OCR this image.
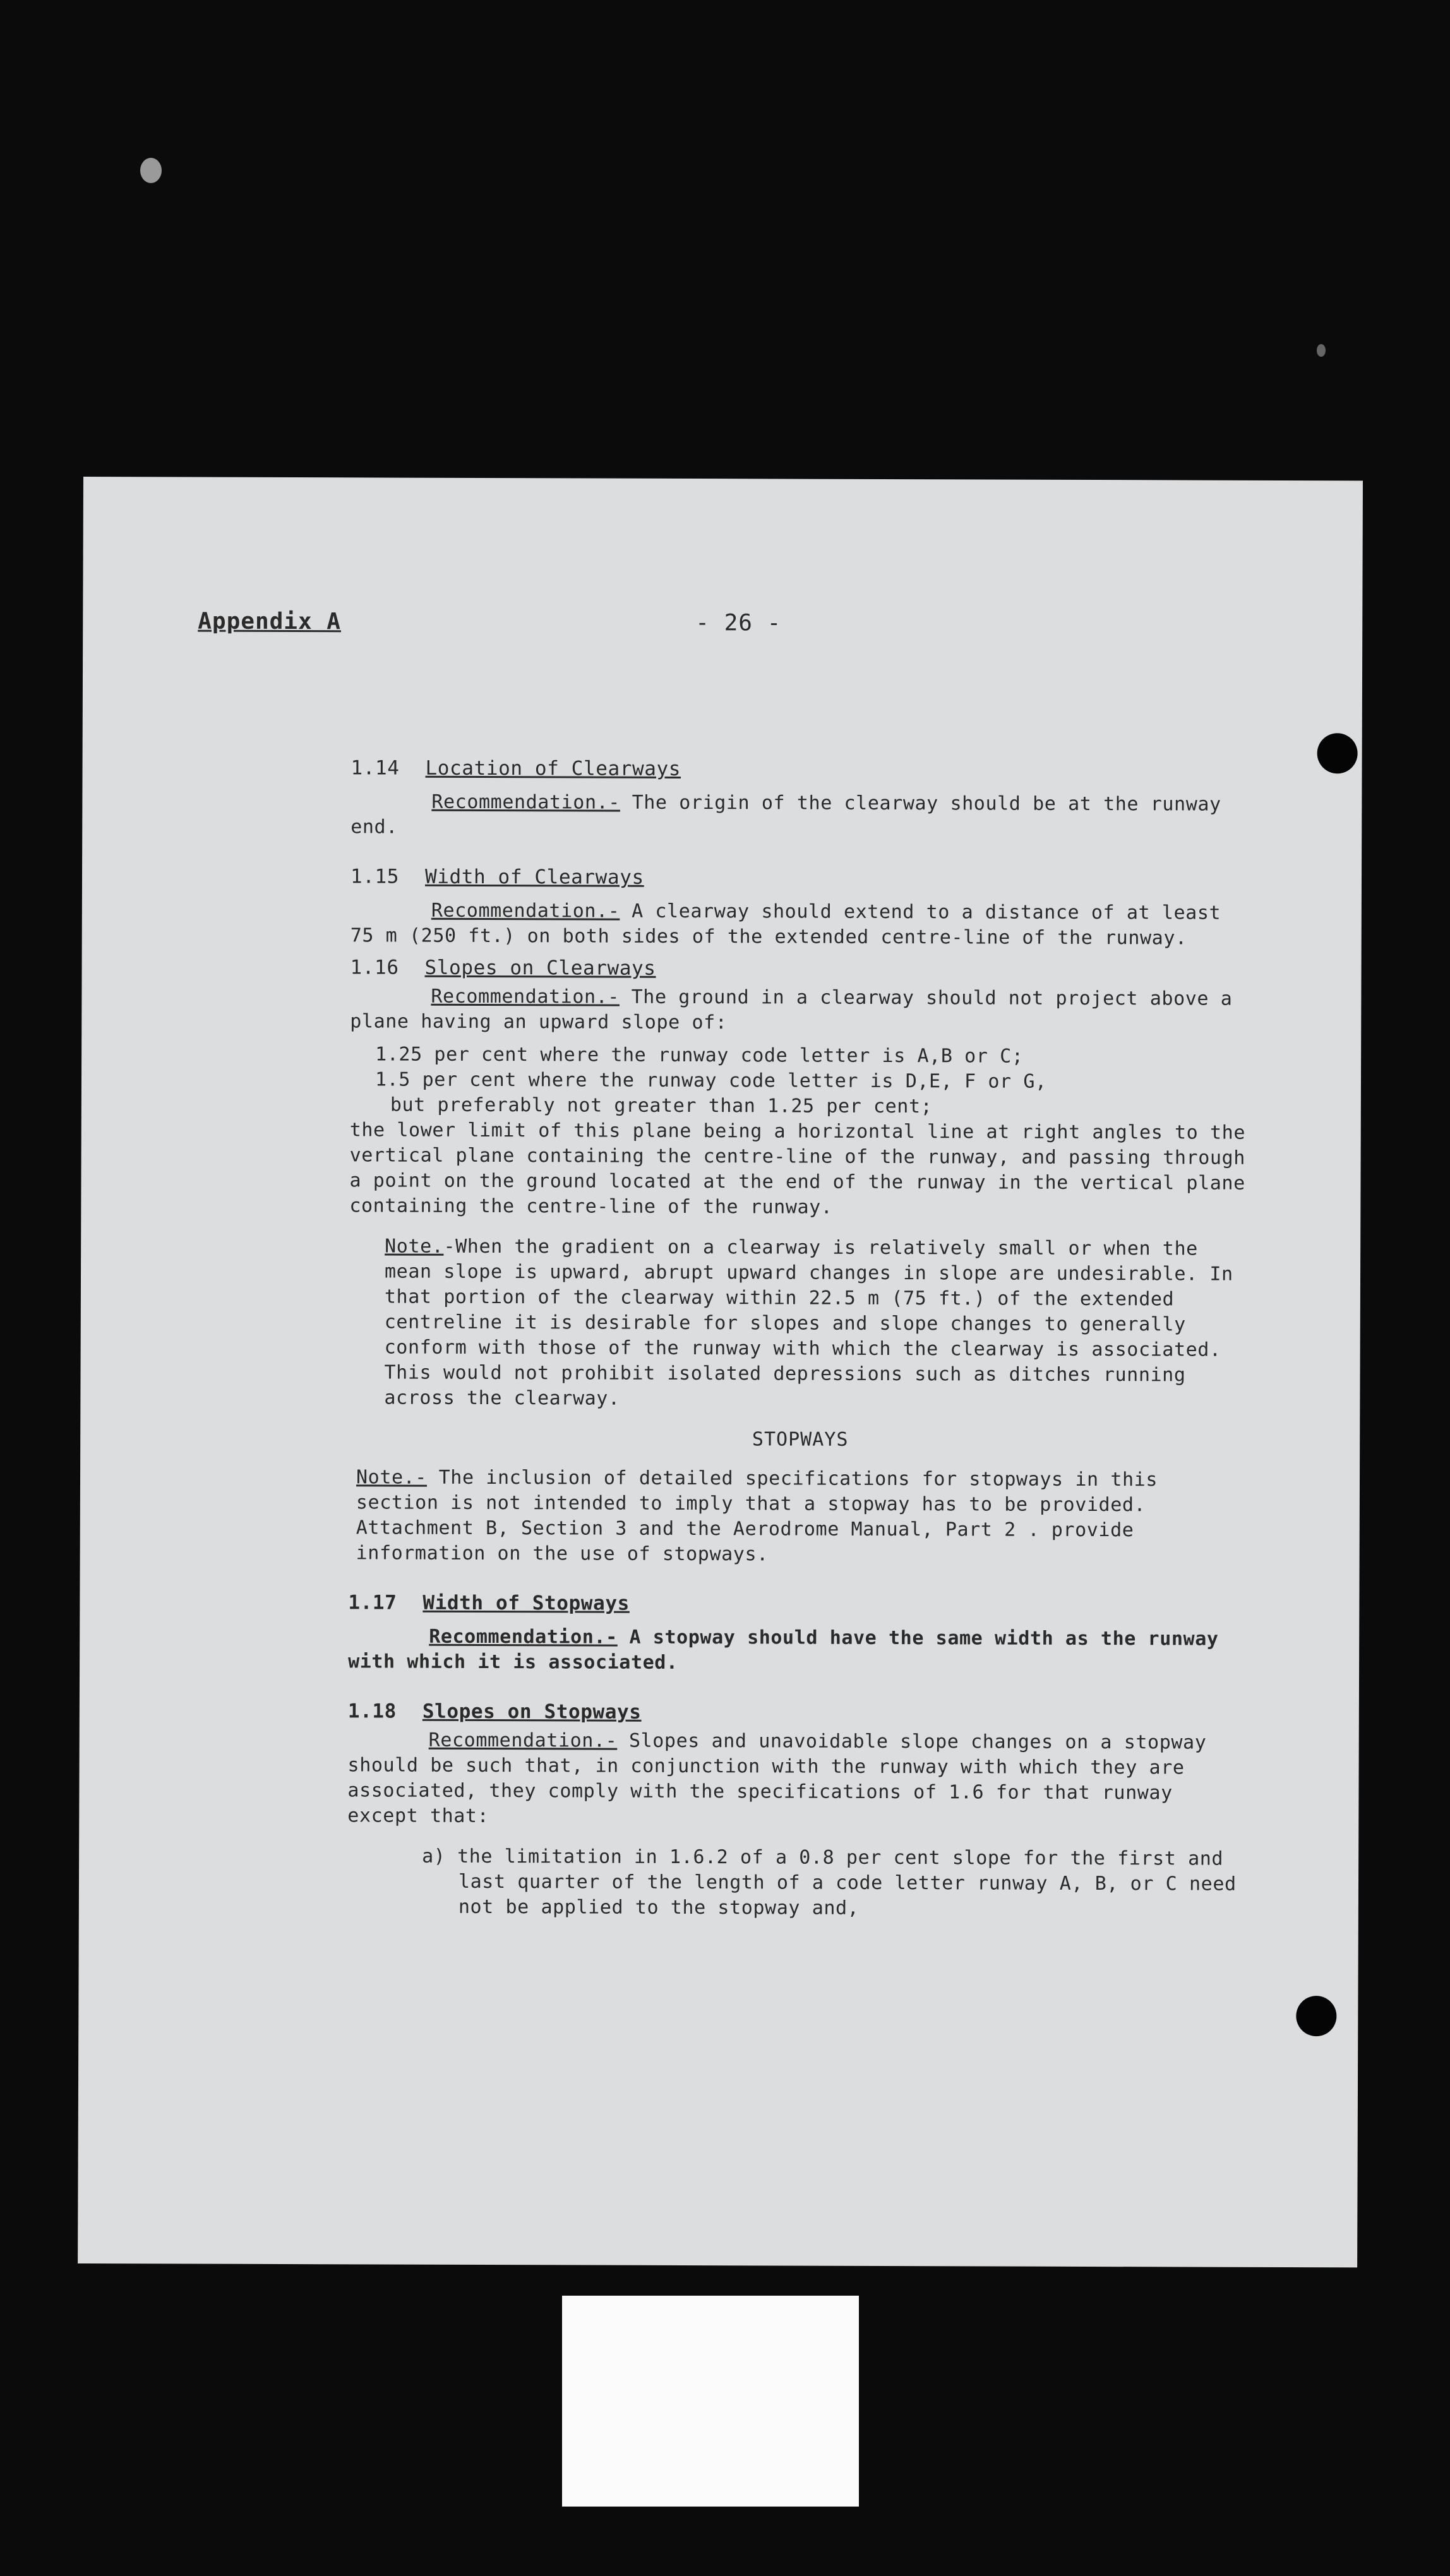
Appendix A	- 26 -
1.14 Location of Clearways
Recommendation.- The origin of the clearway should be at the runway end.
1.15 Width of Clearways
Recommendation.- A clearway should extend to a distance of at least 75 m (250 ft.) on both sides of the extended centre-line of the runway.
1.16 Slopes on Clearways
Recommendation.- The ground in a clearway should not project above a plane having an upward slope of:
1.25 per cent where the runway code letter is A,B or C;
1.5 per cent where the runway code letter is D,E, F or G,
but preferably not greater than 1.25 per cent;
the lower limit of this plane being a horizontal line at right angles to the vertical plane containing the centre-line of the runway, and passing through a point on the ground located at the end of the runway in the vertical plane containing the centre-line of the runway.
Note.-When the gradient on a clearway is relatively small or when the mean slope is upward, abrupt upward changes in slope are undesirable. In that portion of the clearway within 22.5 m (75 ft.) of the extended centreline it is desirable for slopes and slope changes to generally conform with those of the runway with which the clearway is associated. This would not prohibit isolated depressions such as ditches running across the clearway.
STOPWAYS
Note.- The inclusion of detailed specifications for stopways in this section is not intended to imply that a stopway has to be provided. Attachment B, Section 3 and the Aerodrome Manual, Part 2 . provide information on the use of stopways.
1.17 Width of Stopways
Recommendation.- A stopway should have the same width as the runway with which it is associated.
1.18 Slopes on Stopways
Recommendation.- Slopes and unavoidable slope changes on a stopway should be such that, in conjunction with the runway with which they are associated, they comply with the specifications of 1.6 for that runway except that:
a) the limitation in 1.6.2 of a 0.8 per cent slope for the first and last quarter of the length of a code letter runway A, B, or C need not be applied to the stopway and,
